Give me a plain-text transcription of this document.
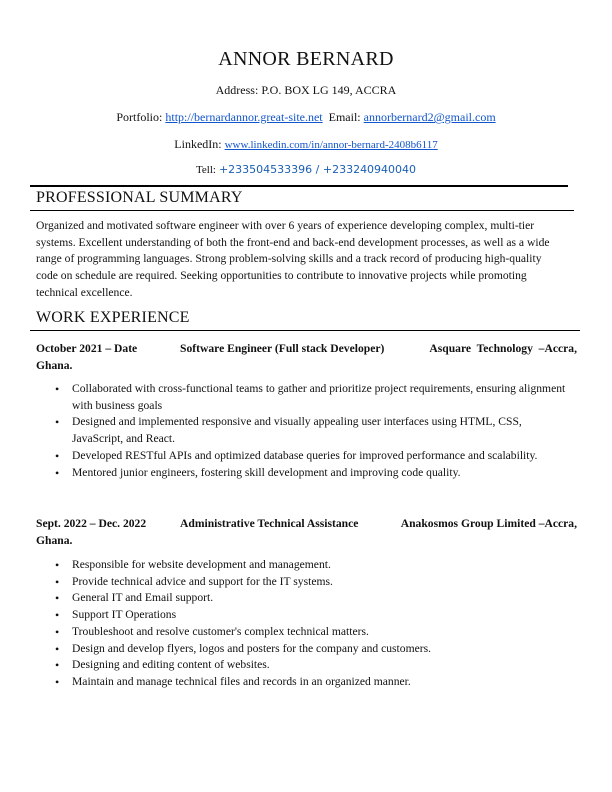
ANNOR BERNARD
Address: P.O. BOX LG 149, ACCRA
Portfolio: http://bernardannor.great-site.net Email: annorbernard2@gmail.com
LinkedIn: www.linkedin.com/in/annor-bernard-2408b6117
Tell: +233504533396 / +233240940040
PROFESSIONAL SUMMARY
Organized and motivated software engineer with over 6 years of experience developing complex, multi-tier
systems. Excellent understanding of both the front-end and back-end development processes, as well as a wide
range of programming languages. Strong problem-solving skills and a track record of producing high-quality
code on schedule are required. Seeking opportunities to contribute to innovative projects while promoting
technical excellence.
WORK EXPERIENCE
October 2021 – Date	Software Engineer (Full stack Developer)	Asquare  Technology  –Accra,
Ghana.
• Collaborated with cross-functional teams to gather and prioritize project requirements, ensuring alignment with business goals
• Designed and implemented responsive and visually appealing user interfaces using HTML, CSS, JavaScript, and React.
• Developed RESTful APIs and optimized database queries for improved performance and scalability.
• Mentored junior engineers, fostering skill development and improving code quality.
Sept. 2022 – Dec. 2022	Administrative Technical Assistance	Anakosmos Group Limited –Accra,
Ghana.
• Responsible for website development and management.
• Provide technical advice and support for the IT systems.
• General IT and Email support.
• Support IT Operations
• Troubleshoot and resolve customer's complex technical matters.
• Design and develop flyers, logos and posters for the company and customers.
• Designing and editing content of websites.
• Maintain and manage technical files and records in an organized manner.
